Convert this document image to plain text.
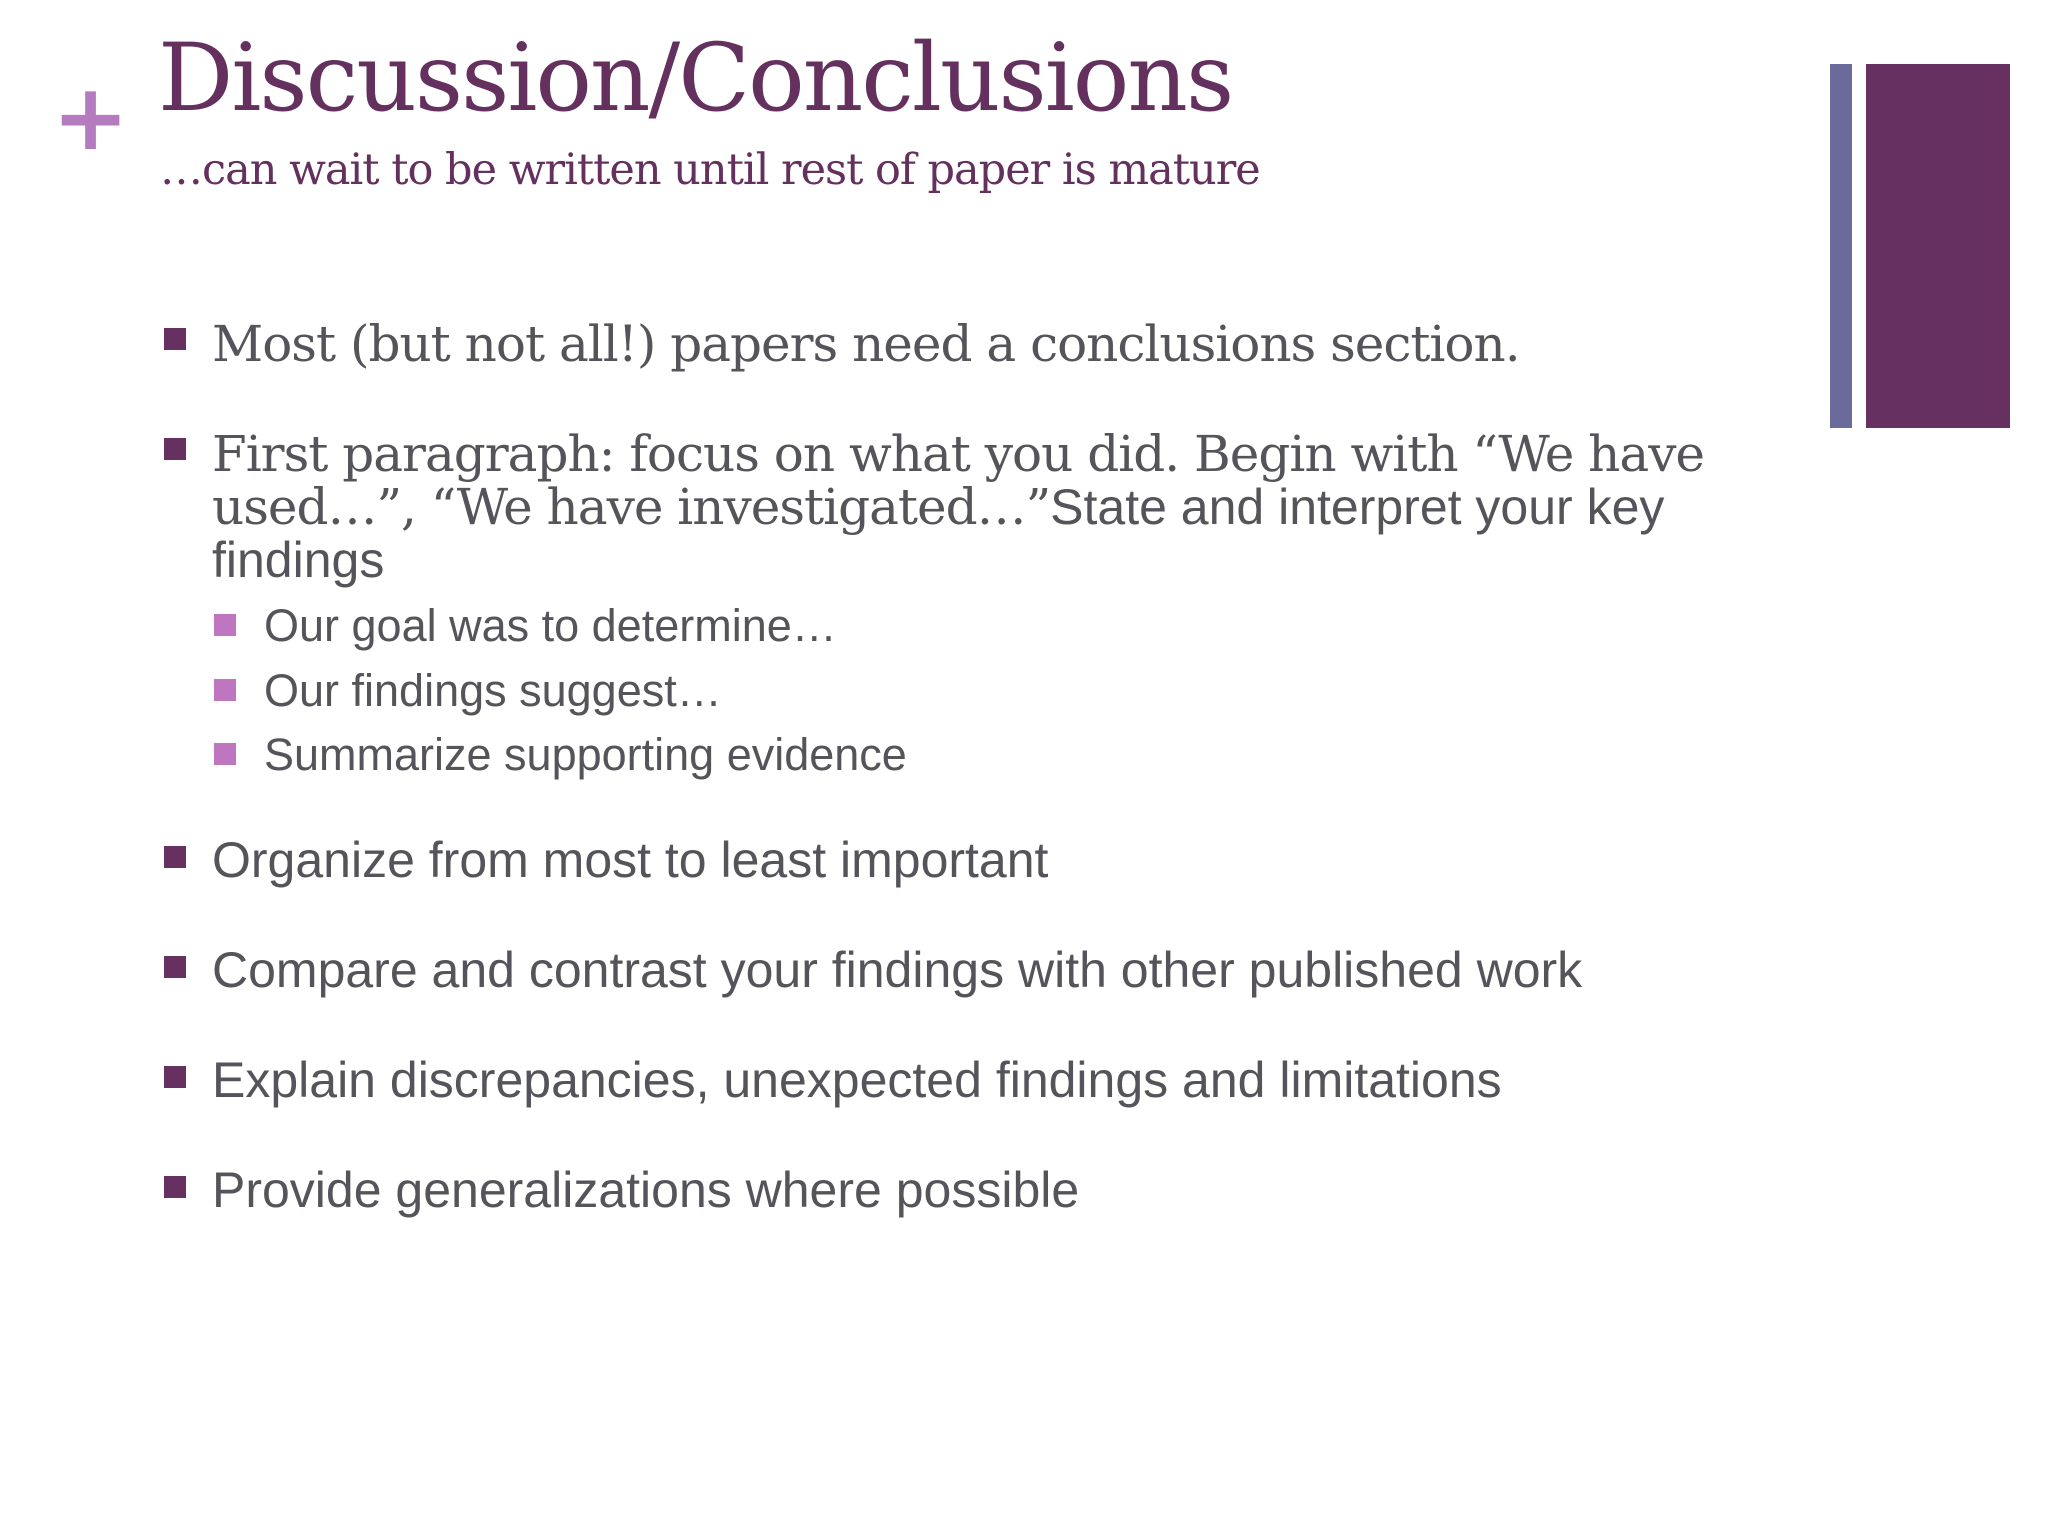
+ Discussion/Conclusions

…can wait to be written until rest of paper is mature

Most (but not all!) papers need a conclusions section.

First paragraph: focus on what you did. Begin with “We have used…”, “We have investigated…”State and interpret your key findings

Our goal was to determine…
Our findings suggest…
Summarize supporting evidence

Organize from most to least important

Compare and contrast your findings with other published work

Explain discrepancies, unexpected findings and limitations

Provide generalizations where possible
